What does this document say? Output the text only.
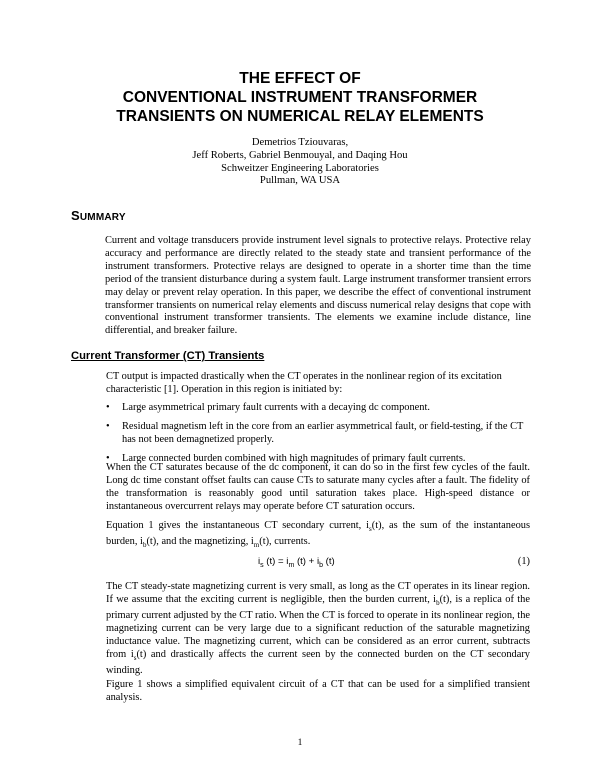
THE EFFECT OF
CONVENTIONAL INSTRUMENT TRANSFORMER
TRANSIENTS ON NUMERICAL RELAY ELEMENTS
Demetrios Tziouvaras,
Jeff Roberts, Gabriel Benmouyal, and Daqing Hou
Schweitzer Engineering Laboratories
Pullman, WA USA
SUMMARY

Current and voltage transducers provide instrument level signals to protective relays. Protective relay accuracy and performance are directly related to the steady state and transient performance of the instrument transformers. Protective relays are designed to operate in a shorter time than the time period of the transient disturbance during a system fault. Large instrument transformer transient errors may delay or prevent relay operation. In this paper, we describe the effect of conventional instrument transformer transients on numerical relay elements and discuss numerical relay designs that cope with conventional instrument transformer transients. The elements we examine include distance, line differential, and breaker failure.

Current Transformer (CT) Transients

CT output is impacted drastically when the CT operates in the nonlinear region of its excitation characteristic [1]. Operation in this region is initiated by:

• Large asymmetrical primary fault currents with a decaying dc component.
• Residual magnetism left in the core from an earlier asymmetrical fault, or field-testing, if the CT has not been demagnetized properly.
• Large connected burden combined with high magnitudes of primary fault currents.

When the CT saturates because of the dc component, it can do so in the first few cycles of the fault. Long dc time constant offset faults can cause CTs to saturate many cycles after a fault. The fidelity of the transformation is reasonably good until saturation takes place. High-speed distance or instantaneous overcurrent relays may operate before CT saturation occurs.

Equation 1 gives the instantaneous CT secondary current, $i_s(t)$, as the sum of the instantaneous burden, $i_b(t)$, and the magnetizing, $i_m(t)$, currents.

$i_s$ $(t) = i_m$ $(t) + i_b$ (t)	(1)

The CT steady-state magnetizing current is very small, as long as the CT operates in its linear region. If we assume that the exciting current is negligible, then the burden current, $i_b(t)$, is a replica of the primary current adjusted by the CT ratio. When the CT is forced to operate in its nonlinear region, the magnetizing current can be very large due to a significant reduction of the saturable magnetizing inductance value. The magnetizing current, which can be considered as an error current, subtracts from $i_s(t)$ and drastically affects the current seen by the connected burden on the CT secondary winding.

Figure 1 shows a simplified equivalent circuit of a CT that can be used for a simplified transient analysis.

1
